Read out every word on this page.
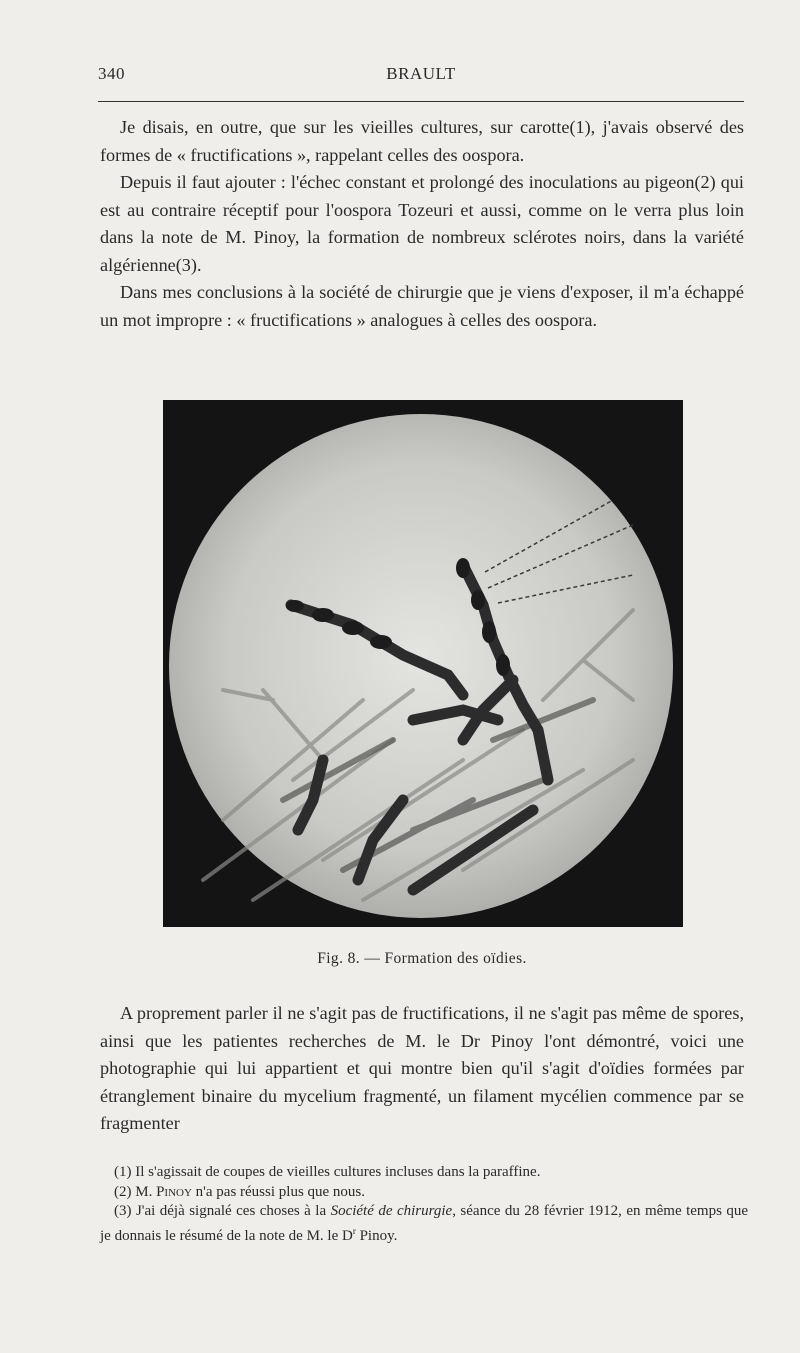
340	BRAULT

Je disais, en outre, que sur les vieilles cultures, sur carotte(1), j'avais observé des formes de « fructifications », rappelant celles des oospora.

Depuis il faut ajouter : l'échec constant et prolongé des inoculations au pigeon(2) qui est au contraire réceptif pour l'oospora Tozeuri et aussi, comme on le verra plus loin dans la note de M. Pinoy, la formation de nombreux sclérotes noirs, dans la variété algérienne(3).

Dans mes conclusions à la société de chirurgie que je viens d'exposer, il m'a échappé un mot impropre : « fructifications » analogues à celles des oospora.

Fig. 8. — Formation des oïdies.

A proprement parler il ne s'agit pas de fructifications, il ne s'agit pas même de spores, ainsi que les patientes recherches de M. le Dr Pinoy l'ont démontré, voici une photographie qui lui appartient et qui montre bien qu'il s'agit d'oïdies formées par étranglement binaire du mycelium fragmenté, un filament mycélien commence par se fragmenter

(1) Il s'agissait de coupes de vieilles cultures incluses dans la paraffine.

(2) M. Pinoy n'a pas réussi plus que nous.

(3) J'ai déjà signalé ces choses à la Société de chirurgie, séance du 28 février 1912, en même temps que je donnais le résumé de la note de M. le $D^r$ Pinoy.
